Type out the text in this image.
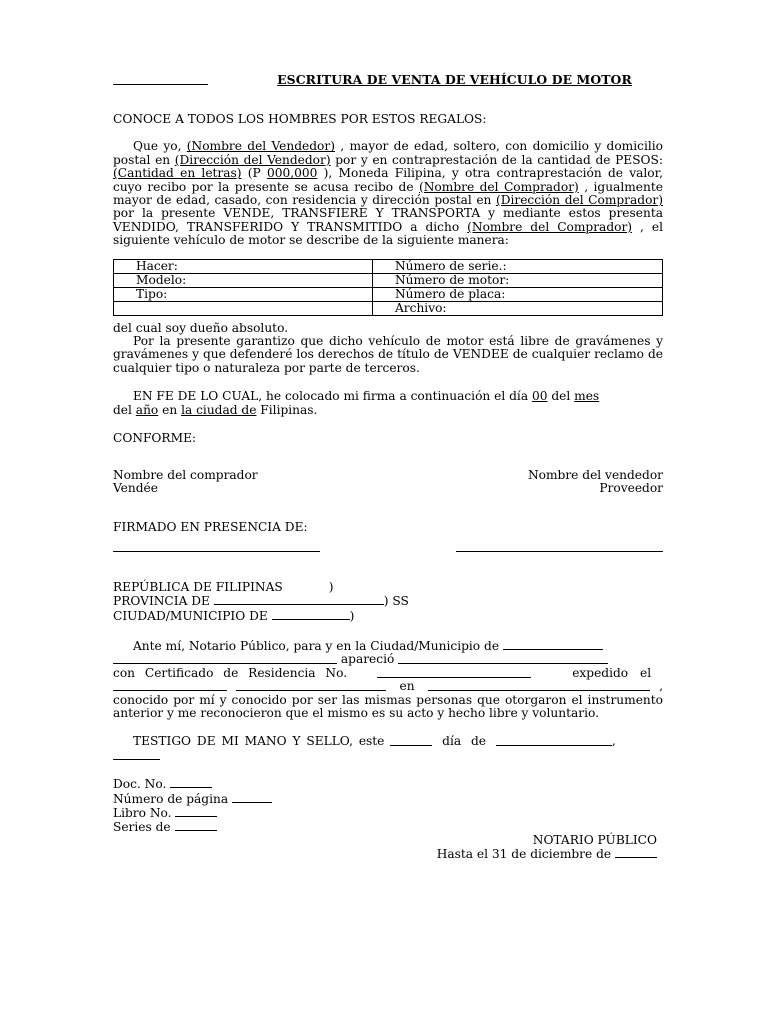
ESCRITURA DE VENTA DE VEHÍCULO DE MOTOR

CONOCE A TODOS LOS HOMBRES POR ESTOS REGALOS:

Que yo, (Nombre del Vendedor) , mayor de edad, soltero, con domicilio y domicilio postal en (Dirección del Vendedor) por y en contraprestación de la cantidad de PESOS: (Cantidad en letras) (P 000,000 ), Moneda Filipina, y otra contraprestación de valor, cuyo recibo por la presente se acusa recibo de (Nombre del Comprador) , igualmente mayor de edad, casado, con residencia y dirección postal en (Dirección del Comprador) por la presente VENDE, TRANSFIERE Y TRANSPORTA y mediante estos presenta VENDIDO, TRANSFERIDO Y TRANSMITIDO a dicho (Nombre del Comprador) , el siguiente vehículo de motor se describe de la siguiente manera:

Hacer:	Número de serie.:
Modelo:	Número de motor:
Tipo:	Número de placa:
	Archivo:

del cual soy dueño absoluto.

Por la presente garantizo que dicho vehículo de motor está libre de gravámenes y gravámenes y que defenderé los derechos de título de VENDEE de cualquier reclamo de cualquier tipo o naturaleza por parte de terceros.

EN FE DE LO CUAL, he colocado mi firma a continuación el día 00 del mes
del año en la ciudad de Filipinas.

CONFORME:

Nombre del comprador
Vendée
Nombre del vendedor
Proveedor

FIRMADO EN PRESENCIA DE:

REPÚBLICA DE FILIPINAS	)
PROVINCIA DE	) SS
CIUDAD/MUNICIPIO DE	)
Ante mí, Notario Público, para y en la Ciudad/Municipio de
apareció
con Certificado de Residencia No.	expedido el
en	,
conocido por mí y conocido por ser las mismas personas que otorgaron el instrumento anterior y me reconocieron que el mismo es su acto y hecho libre y voluntario.
TESTIGO DE MI MANO Y SELLO, este	día de	,
Doc. No.
Número de página
Libro No.
Series de
NOTARIO PÚBLICO
Hasta el 31 de diciembre de
